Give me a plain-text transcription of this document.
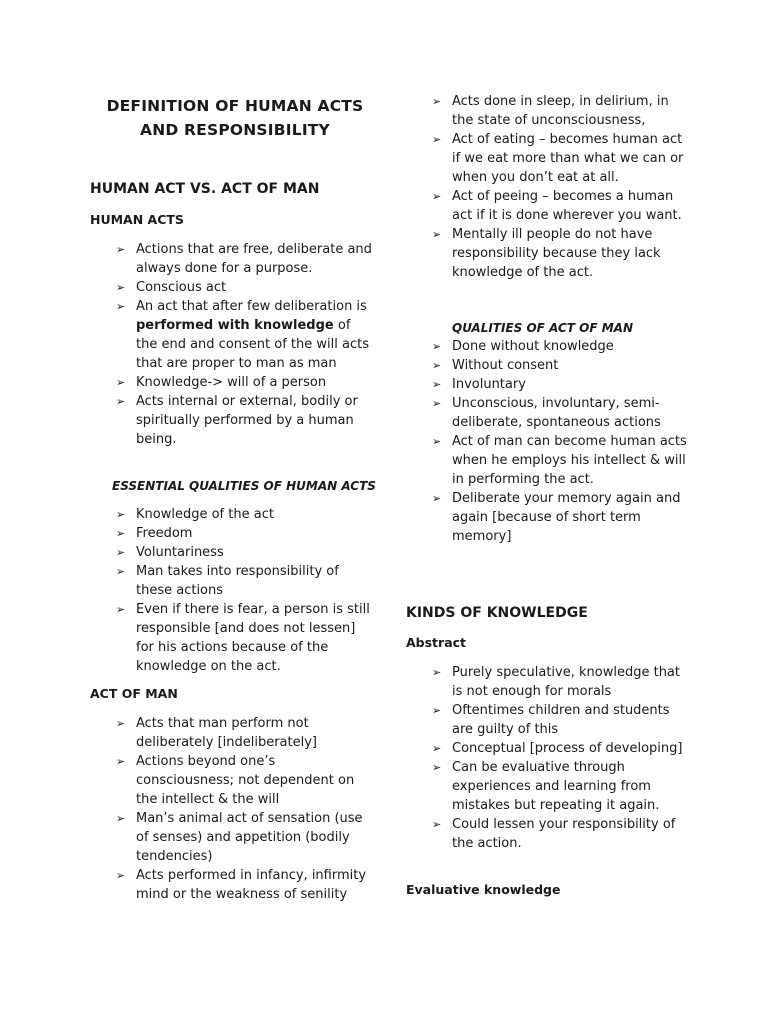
DEFINITION OF HUMAN ACTS
AND RESPONSIBILITY
HUMAN ACT VS. ACT OF MAN
HUMAN ACTS
➢ Actions that are free, deliberate and always done for a purpose.
➢ Conscious act
➢ An act that after few deliberation is performed with knowledge of the end and consent of the will acts that are proper to man as man
➢ Knowledge-> will of a person
➢ Acts internal or external, bodily or spiritually performed by a human being.
ESSENTIAL QUALITIES OF HUMAN ACTS
➢ Knowledge of the act
➢ Freedom
➢ Voluntariness
➢ Man takes into responsibility of these actions
➢ Even if there is fear, a person is still responsible [and does not lessen] for his actions because of the knowledge on the act.
ACT OF MAN
➢ Acts that man perform not deliberately [indeliberately]
➢ Actions beyond one’s consciousness; not dependent on the intellect & the will
➢ Man’s animal act of sensation (use of senses) and appetition (bodily tendencies)
➢ Acts performed in infancy, infirmity mind or the weakness of senility
➢ Acts done in sleep, in delirium, in the state of unconsciousness,
➢ Act of eating – becomes human act if we eat more than what we can or when you don’t eat at all.
➢ Act of peeing – becomes a human act if it is done wherever you want.
➢ Mentally ill people do not have responsibility because they lack knowledge of the act.
QUALITIES OF ACT OF MAN
➢ Done without knowledge
➢ Without consent
➢ Involuntary
➢ Unconscious, involuntary, semi-deliberate, spontaneous actions
➢ Act of man can become human acts when he employs his intellect & will in performing the act.
➢ Deliberate your memory again and again [because of short term memory]
KINDS OF KNOWLEDGE
Abstract
➢ Purely speculative, knowledge that is not enough for morals
➢ Oftentimes children and students are guilty of this
➢ Conceptual [process of developing]
➢ Can be evaluative through experiences and learning from mistakes but repeating it again.
➢ Could lessen your responsibility of the action.
Evaluative knowledge
